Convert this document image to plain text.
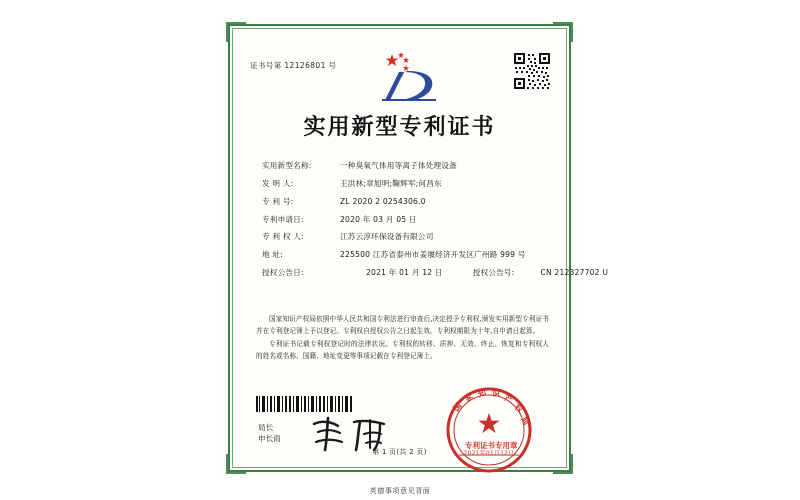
证书号第 12126801 号
实用新型专利证书
实用新型名称:	一种臭氧气体用等离子体处理设备
发 明 人:	王洪林;章旭明;鞠辉军;何昌东
专 利 号:	ZL 2020 2 0254306.0
专利申请日:	2020 年 03 月 05 日
专 利 权 人:	江苏云淳环保设备有限公司
地 址:	225500 江苏省泰州市姜堰经济开发区广州路 999 号
授权公告日:	2021 年 01 月 12 日	授权公告号:	CN 212327702 U

国家知识产权局依照中华人民共和国专利法进行审查后,决定授予专利权,颁发实用新型专利证书并在专利登记簿上予以登记。专利权自授权公告之日起生效。专利权期限为十年,自申请日起算。

专利证书记载专利权登记时的法律状况。专利权的转移、质押、无效、终止、恢复和专利权人的姓名或名称、国籍、地址变更等事项记载在专利登记簿上。

局长
申长雨
国
家 知 识 产
权
局
专利证书专用章
2021年01月12日
第 1 页(共 2 页)
英德事项意见背面
